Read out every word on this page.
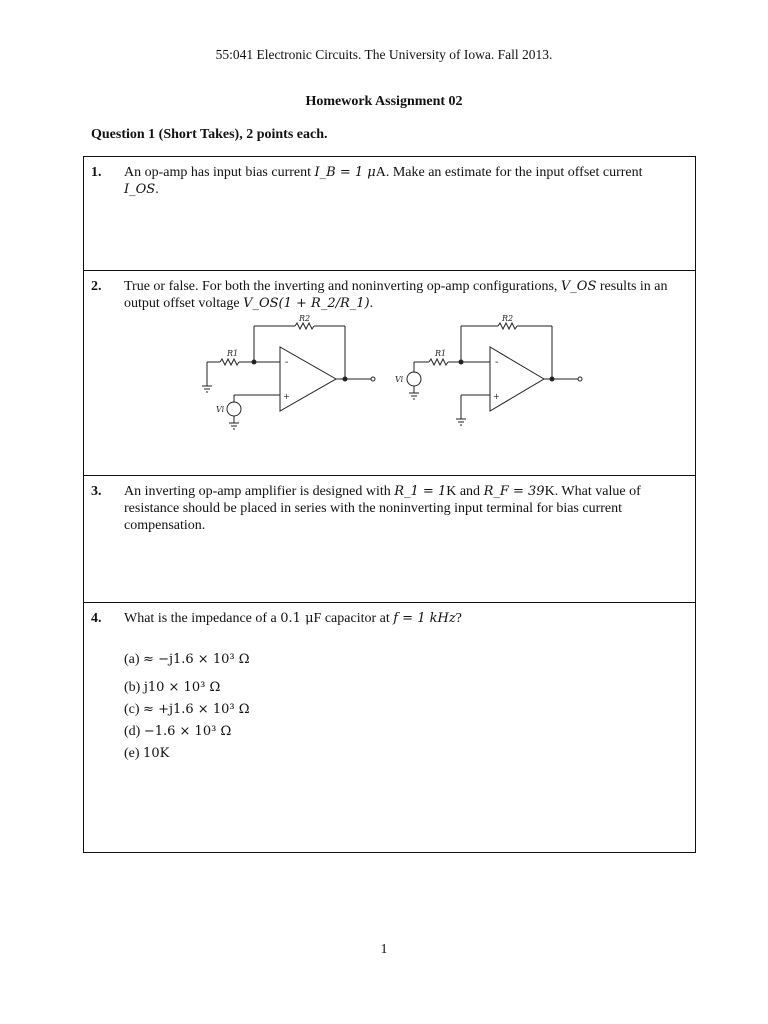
55:041 Electronic Circuits. The University of Iowa. Fall 2013.
Homework Assignment 02
Question 1 (Short Takes), 2 points each.
1. An op-amp has input bias current I_B = 1 μA. Make an estimate for the input offset current
I_OS.
2. True or false. For both the inverting and noninverting op-amp configurations, V_OS results in an output offset voltage V_OS(1 + R_2/R_1).
-
+
R1
R2
Vi
-
+
R1
R2
Vi
3. An inverting op-amp amplifier is designed with R_1 = 1K and R_F = 39K. What value of resistance should be placed in series with the noninverting input terminal for bias current compensation.
4. What is the impedance of a 0.1 μF capacitor at f = 1 kHz?
(a) ≈ −j1.6 × 10³ Ω
(b) j10 × 10³ Ω
(c) ≈ +j1.6 × 10³ Ω
(d) −1.6 × 10³ Ω
(e) 10K
1
